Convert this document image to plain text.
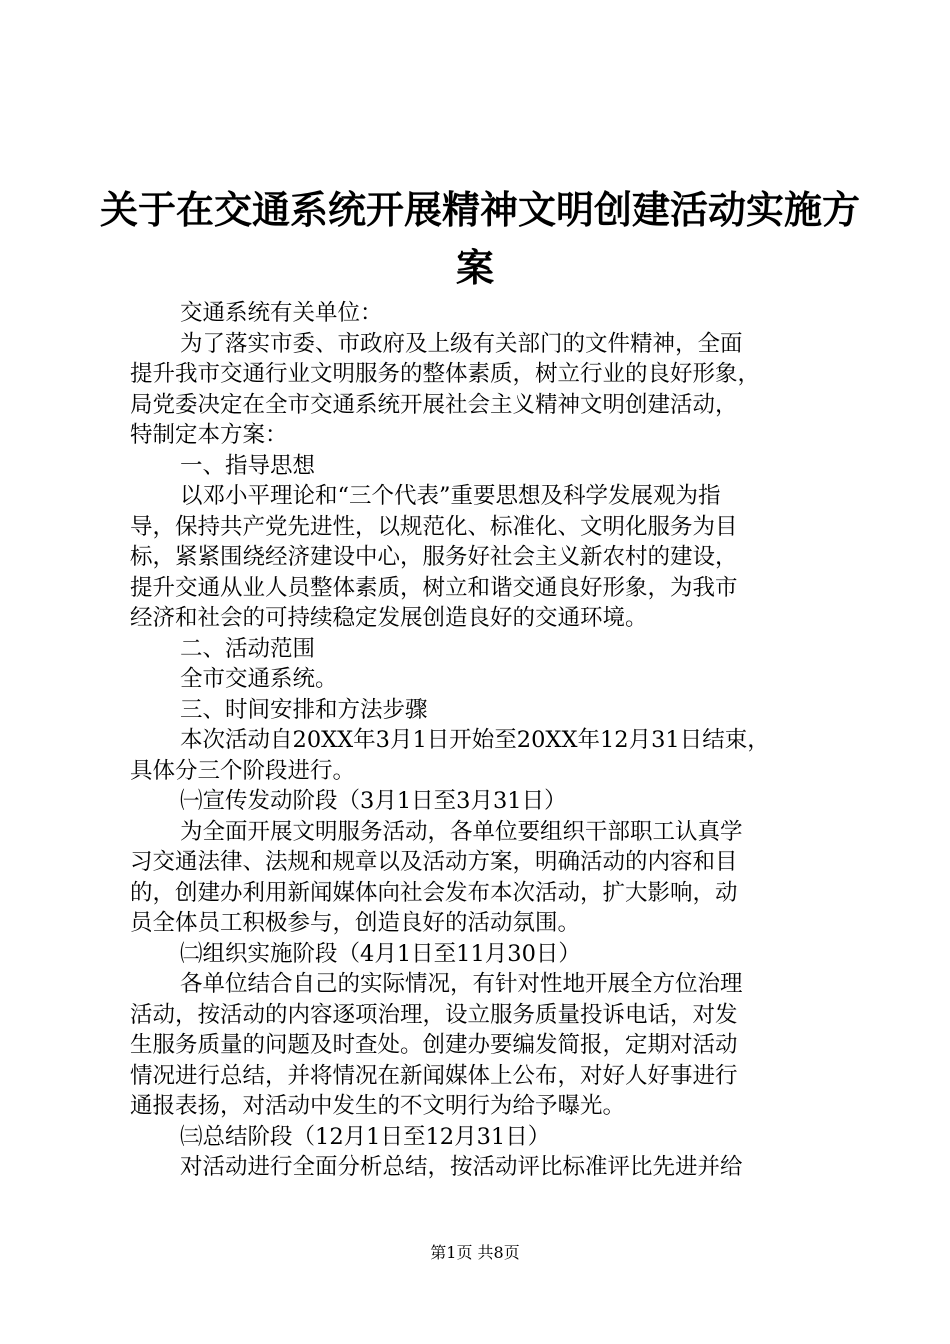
关于在交通系统开展精神文明创建活动实施方
案
交通系统有关单位：
为了落实市委、市政府及上级有关部门的文件精神，全面
提升我市交通行业文明服务的整体素质，树立行业的良好形象，
局党委决定在全市交通系统开展社会主义精神文明创建活动，
特制定本方案：
一、指导思想
以邓小平理论和“三个代表”重要思想及科学发展观为指
导，保持共产党先进性，以规范化、标准化、文明化服务为目
标，紧紧围绕经济建设中心，服务好社会主义新农村的建设，
提升交通从业人员整体素质，树立和谐交通良好形象，为我市
经济和社会的可持续稳定发展创造良好的交通环境。
二、活动范围
全市交通系统。
三、时间安排和方法步骤
本次活动自20XX年3月1日开始至20XX年12月31日结束，
具体分三个阶段进行。
㈠宣传发动阶段（3月1日至3月31日）
为全面开展文明服务活动，各单位要组织干部职工认真学
习交通法律、法规和规章以及活动方案，明确活动的内容和目
的，创建办利用新闻媒体向社会发布本次活动，扩大影响，动
员全体员工积极参与，创造良好的活动氛围。
㈡组织实施阶段（4月1日至11月30日）
各单位结合自己的实际情况，有针对性地开展全方位治理
活动，按活动的内容逐项治理，设立服务质量投诉电话，对发
生服务质量的问题及时查处。创建办要编发简报，定期对活动
情况进行总结，并将情况在新闻媒体上公布，对好人好事进行
通报表扬，对活动中发生的不文明行为给予曝光。
㈢总结阶段（12月1日至12月31日）
对活动进行全面分析总结，按活动评比标准评比先进并给
第1页 共8页
